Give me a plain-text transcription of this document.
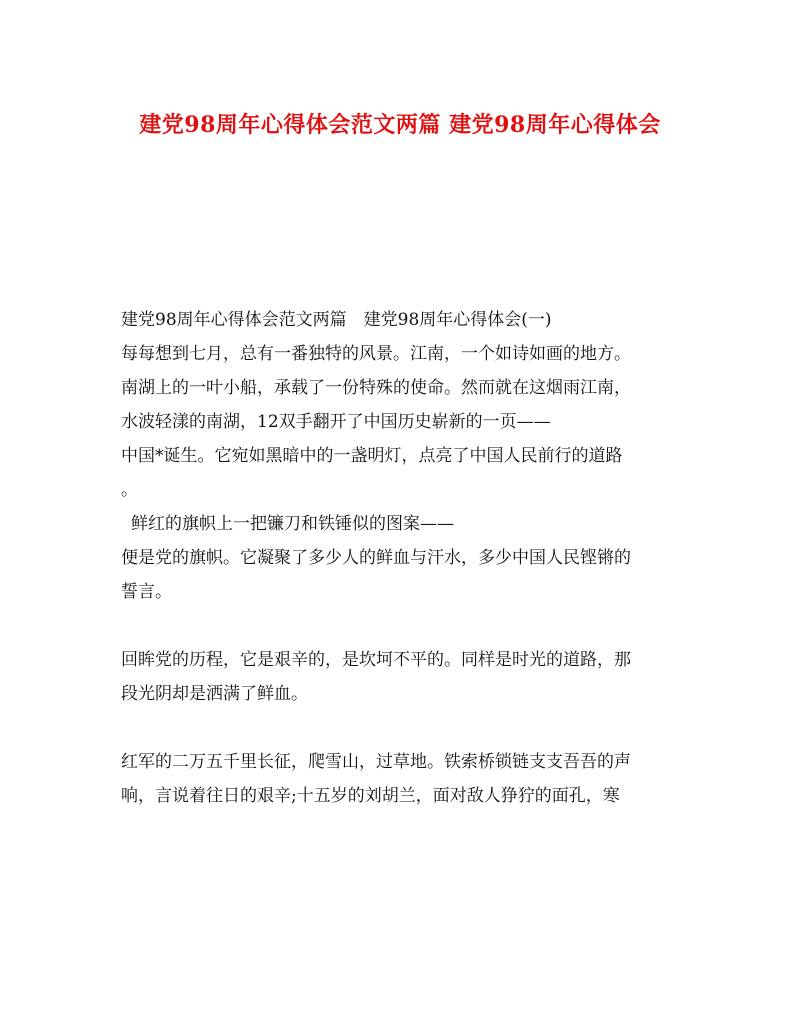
建党98周年心得体会范文两篇 建党98周年心得体会
建党98周年心得体会范文两篇　建党98周年心得体会(一)
每每想到七月，总有一番独特的风景。江南，一个如诗如画的地方。
南湖上的一叶小船，承载了一份特殊的使命。然而就在这烟雨江南，
水波轻漾的南湖，12双手翻开了中国历史崭新的一页——
中国*诞生。它宛如黑暗中的一盏明灯，点亮了中国人民前行的道路
。
鲜红的旗帜上一把镰刀和铁锤似的图案——
便是党的旗帜。它凝聚了多少人的鲜血与汗水，多少中国人民铿锵的
誓言。
回眸党的历程，它是艰辛的，是坎坷不平的。同样是时光的道路，那
段光阴却是洒满了鲜血。
红军的二万五千里长征，爬雪山，过草地。铁索桥锁链支支吾吾的声
响，言说着往日的艰辛;十五岁的刘胡兰，面对敌人狰狞的面孔，寒
